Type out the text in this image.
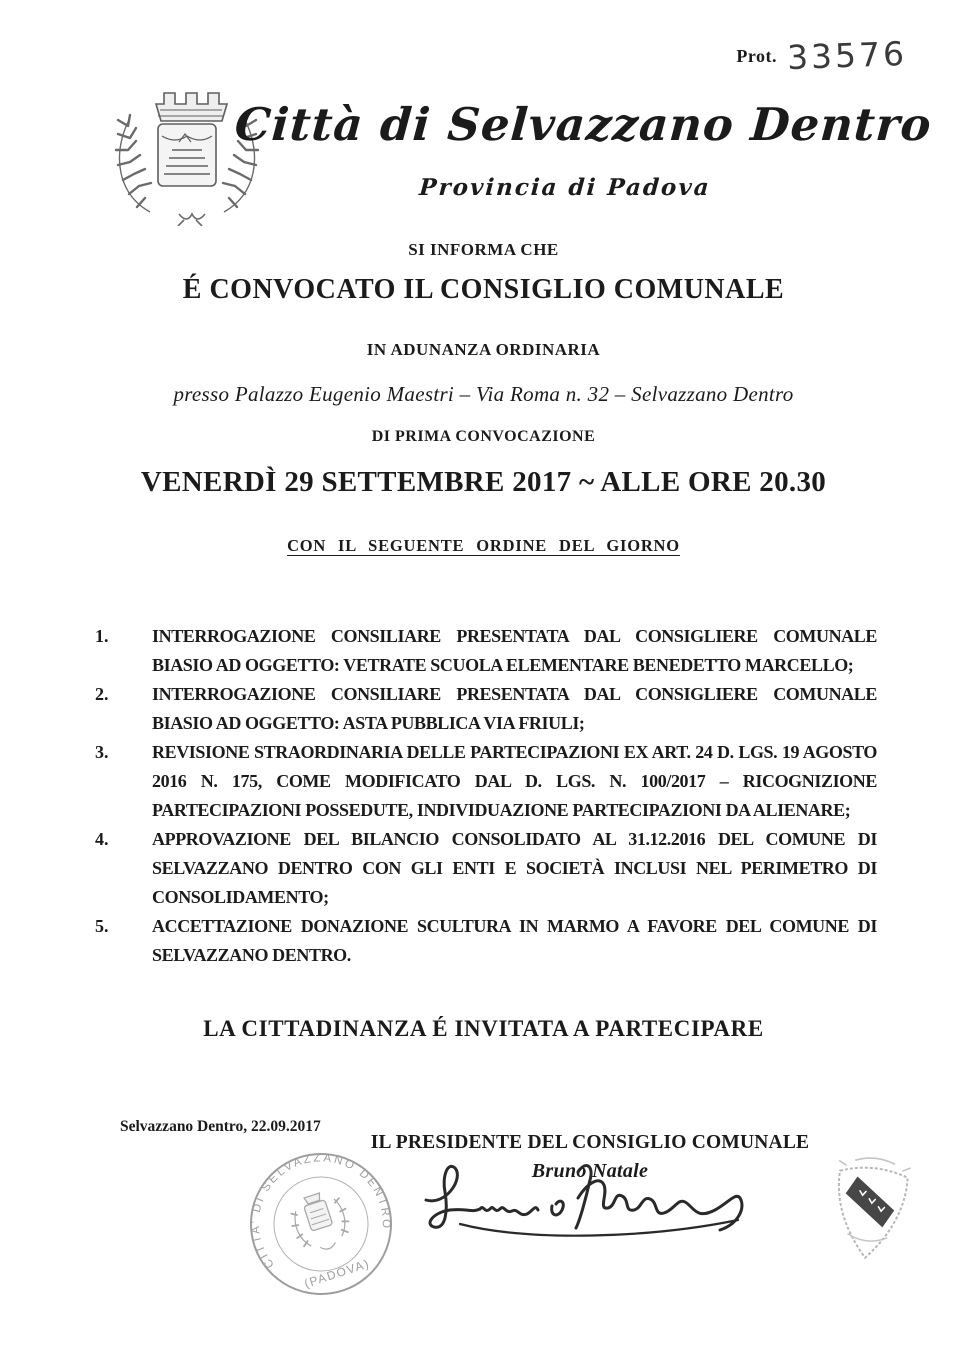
Prot. 33576
Città di Selvazzano Dentro
Provincia di Padova
SI INFORMA CHE
É CONVOCATO IL CONSIGLIO COMUNALE
IN ADUNANZA ORDINARIA
presso Palazzo Eugenio Maestri – Via Roma n. 32 – Selvazzano Dentro
DI PRIMA CONVOCAZIONE
VENERDÌ 29 SETTEMBRE 2017 ~ ALLE ORE 20.30
CON IL SEGUENTE ORDINE DEL GIORNO
1.	INTERROGAZIONE CONSILIARE PRESENTATA DAL CONSIGLIERE COMUNALE BIASIO AD OGGETTO: VETRATE SCUOLA ELEMENTARE BENEDETTO MARCELLO;
2.	INTERROGAZIONE CONSILIARE PRESENTATA DAL CONSIGLIERE COMUNALE BIASIO AD OGGETTO: ASTA PUBBLICA VIA FRIULI;
3.	REVISIONE STRAORDINARIA DELLE PARTECIPAZIONI EX ART. 24 D. LGS. 19 AGOSTO 2016 N. 175, COME MODIFICATO DAL D. LGS. N. 100/2017 – RICOGNIZIONE PARTECIPAZIONI POSSEDUTE, INDIVIDUAZIONE PARTECIPAZIONI DA ALIENARE;
4.	APPROVAZIONE DEL BILANCIO CONSOLIDATO AL 31.12.2016 DEL COMUNE DI SELVAZZANO DENTRO CON GLI ENTI E SOCIETÀ INCLUSI NEL PERIMETRO DI CONSOLIDAMENTO;
5.	ACCETTAZIONE DONAZIONE SCULTURA IN MARMO A FAVORE DEL COMUNE DI SELVAZZANO DENTRO.
LA CITTADINANZA É INVITATA A PARTECIPARE
Selvazzano Dentro, 22.09.2017
IL PRESIDENTE DEL CONSIGLIO COMUNALE
Bruno Natale
CITTA' DI SELVAZZANO DENTRO
(PADOVA)
